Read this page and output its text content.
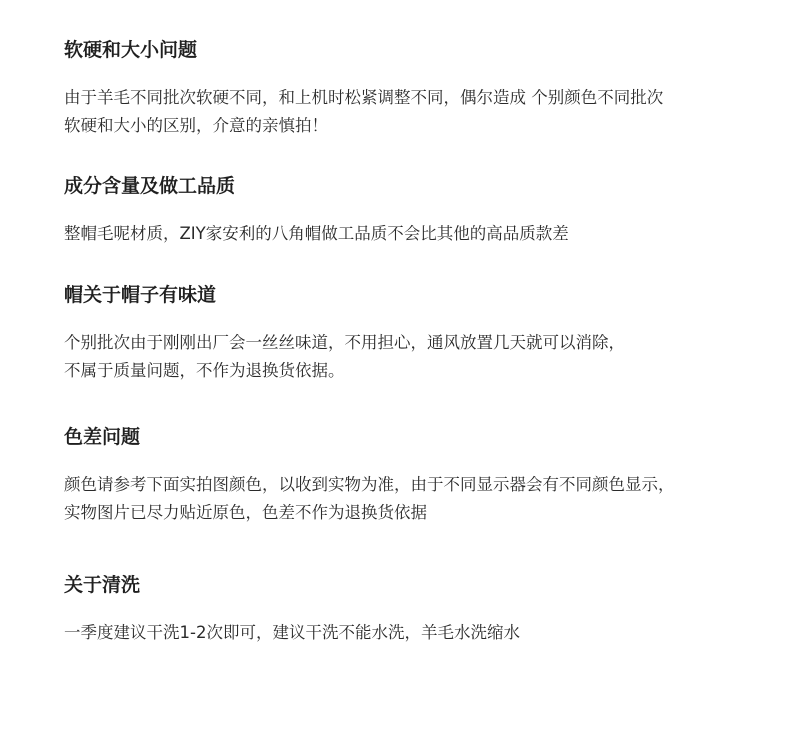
软硬和大小问题
由于羊毛不同批次软硬不同，和上机时松紧调整不同，偶尔造成 个别颜色不同批次
软硬和大小的区别，介意的亲慎拍！
成分含量及做工品质
整帽毛呢材质，ZIY家安利的八角帽做工品质不会比其他的高品质款差
帽关于帽子有味道
个别批次由于刚刚出厂会一丝丝味道，不用担心，通风放置几天就可以消除，
不属于质量问题，不作为退换货依据。
色差问题
颜色请参考下面实拍图颜色，以收到实物为准，由于不同显示器会有不同颜色显示，
实物图片已尽力贴近原色，色差不作为退换货依据
关于清洗
一季度建议干洗1-2次即可，建议干洗不能水洗，羊毛水洗缩水
